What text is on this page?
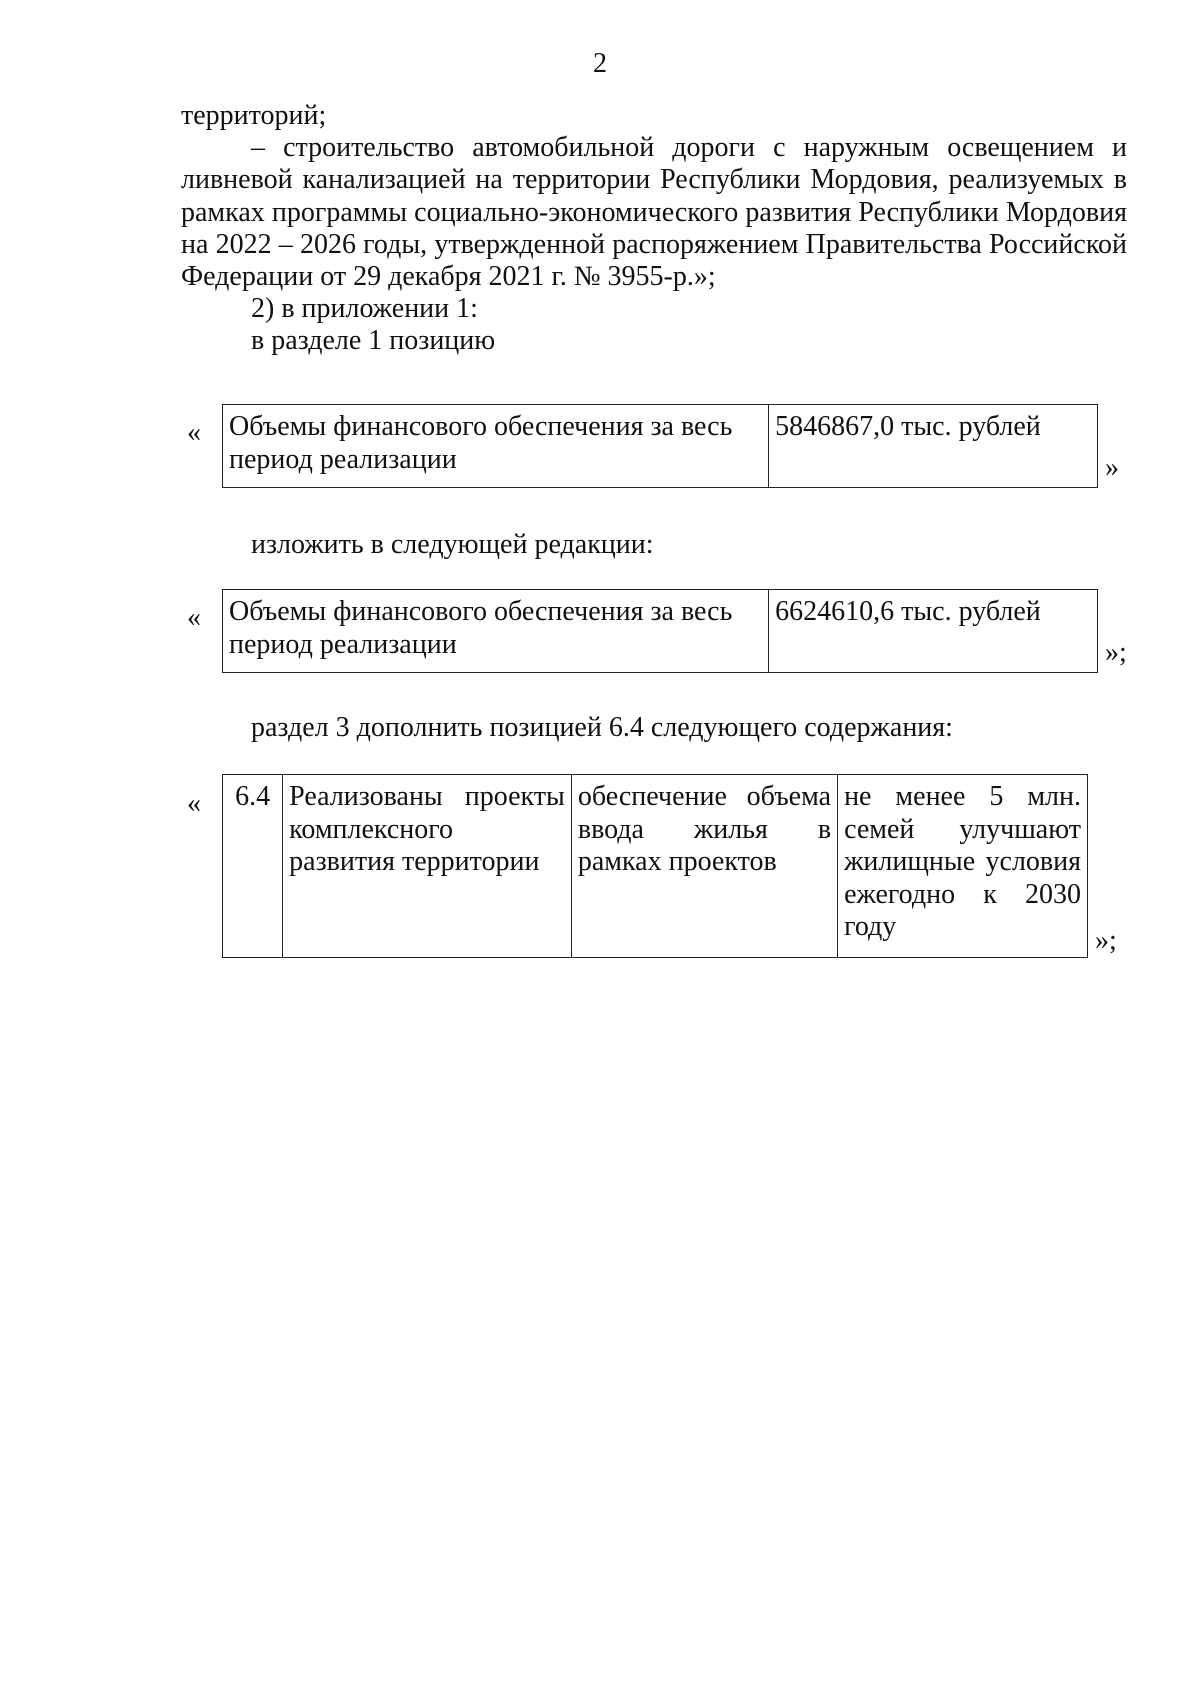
2

территорий;

– строительство автомобильной дороги с наружным освещением и ливневой канализацией на территории Республики Мордовия, реализуемых в рамках программы социально-экономического развития Республики Мордовия на 2022 – 2026 годы, утвержденной распоряжением Правительства Российской Федерации от 29 декабря 2021 г. № 3955-р.»;

2) в приложении 1:

в разделе 1 позицию

« Объемы финансового обеспечения за весь период реализации	5846867,0 тыс. рублей
»

изложить в следующей редакции:

« Объемы финансового обеспечения за весь период реализации	6624610,6 тыс. рублей
»;

раздел 3 дополнить позицией 6.4 следующего содержания:

« 6.4	Реализованы проекты комплексного развития территории	обеспечение объема ввода жилья в рамках проектов	не менее 5 млн. семей улучшают жилищные условия ежегодно к 2030 году	»;
